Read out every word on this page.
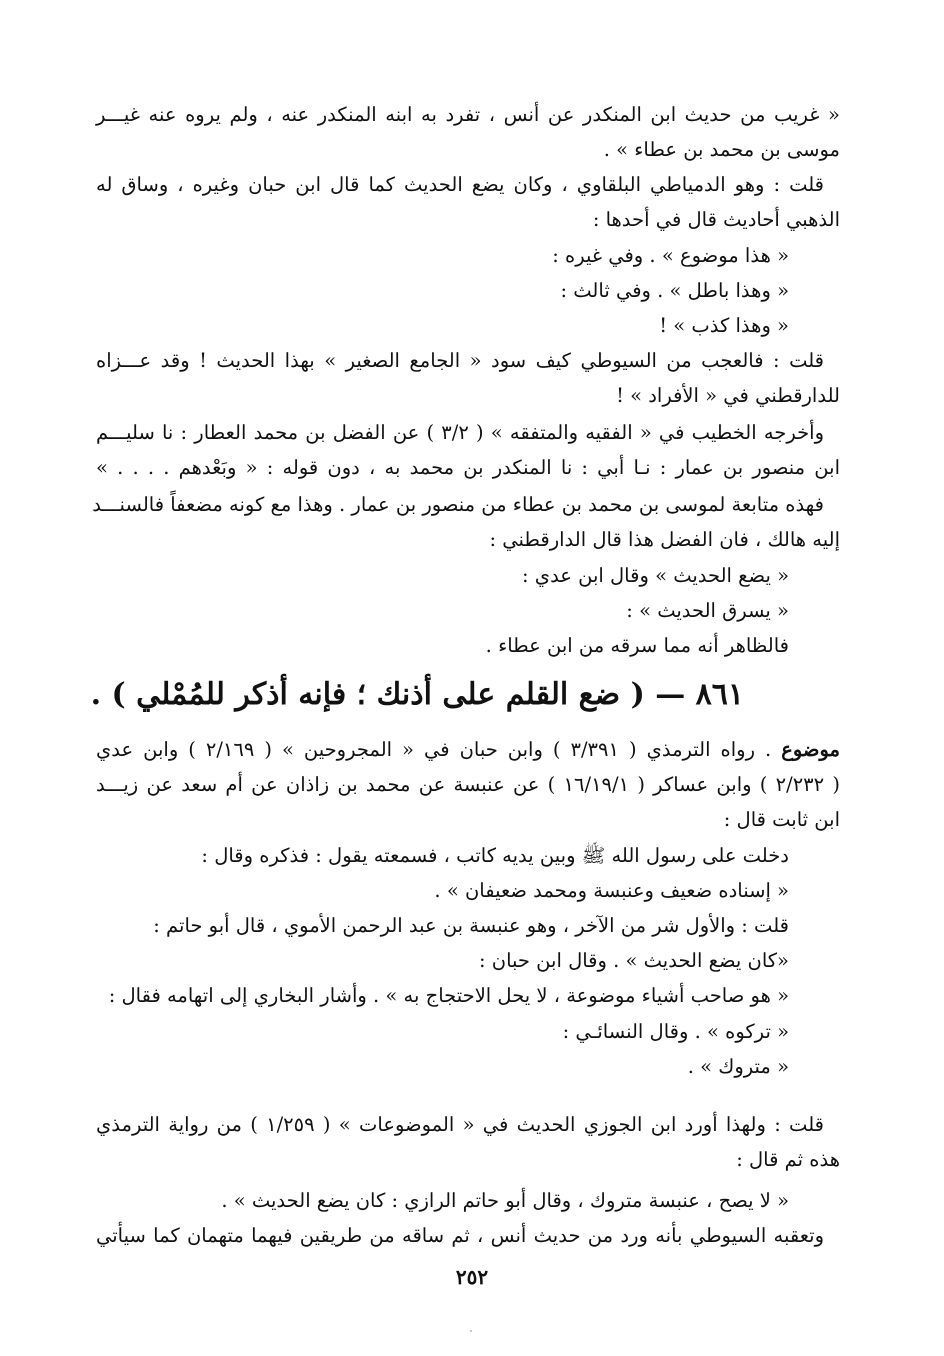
« غريب من حديث ابن المنكدر عن أنس ، تفرد به ابنه المنكدر عنه ، ولم يروه عنه غيـــر
موسى بن محمد بن عطاء » .
قلت : وهو الدمياطي البلقاوي ، وكان يضع الحديث كما قال ابن حبان وغيره ، وساق له
الذهبي أحاديث قال في أحدها :
« هذا موضوع » . وفي غيره :
« وهذا باطل » . وفي ثالث :
« وهذا كذب » !
قلت : فالعجب من السيوطي كيف سود « الجامع الصغير » بهذا الحديث ! وقد عـــزاه
للدارقطني في « الأفراد » !
وأخرجه الخطيب في « الفقيه والمتفقه » ( ٣/٢ ) عن الفضل بن محمد العطار : نا سليـــم
ابن منصور بن عمار : نـا أبي : نا المنكدر بن محمد به ، دون قوله : « وبَعْدهم . . . . »
فهذه متابعة لموسى بن محمد بن عطاء من منصور بن عمار . وهذا مع كونه مضعفاً فالسنـــد
إليه هالك ، فان الفضل هذا قال الدارقطني :
« يضع الحديث » وقال ابن عدي :
« يسرق الحديث » :
فالظاهر أنه مما سرقه من ابن عطاء .
٨٦١ — ( ضع القلم على أذنك ؛ فإنه أذكر للمُمْلي ) .
موضوع . رواه الترمذي ( ٣/٣٩١ ) وابن حبان في « المجروحين » ( ٢/١٦٩ ) وابن عدي
( ٢/٢٣٢ ) وابن عساكر ( ١٦/١٩/١ ) عن عنبسة عن محمد بن زاذان عن أم سعد عن زيـــد
ابن ثابت قال :
دخلت على رسول الله ﷺ وبين يديه كاتب ، فسمعته يقول : فذكره وقال :
« إسناده ضعيف وعنبسة ومحمد ضعيفان » .
قلت : والأول شر من الآخر ، وهو عنبسة بن عبد الرحمن الأموي ، قال أبو حاتم :
«كان يضع الحديث » . وقال ابن حبان :
« هو صاحب أشياء موضوعة ، لا يحل الاحتجاج به » . وأشار البخاري إلى اتهامه فقال :
« تركوه » . وقال النسائـي :
« متروك » .
قلت : ولهذا أورد ابن الجوزي الحديث في « الموضوعات » ( ١/٢٥٩ ) من رواية الترمذي
هذه ثم قال :
« لا يصح ، عنبسة متروك ، وقال أبو حاتم الرازي : كان يضع الحديث » .
وتعقبه السيوطي بأنه ورد من حديث أنس ، ثم ساقه من طريقين فيهما متهمان كما سيأتي
٢٥٢
